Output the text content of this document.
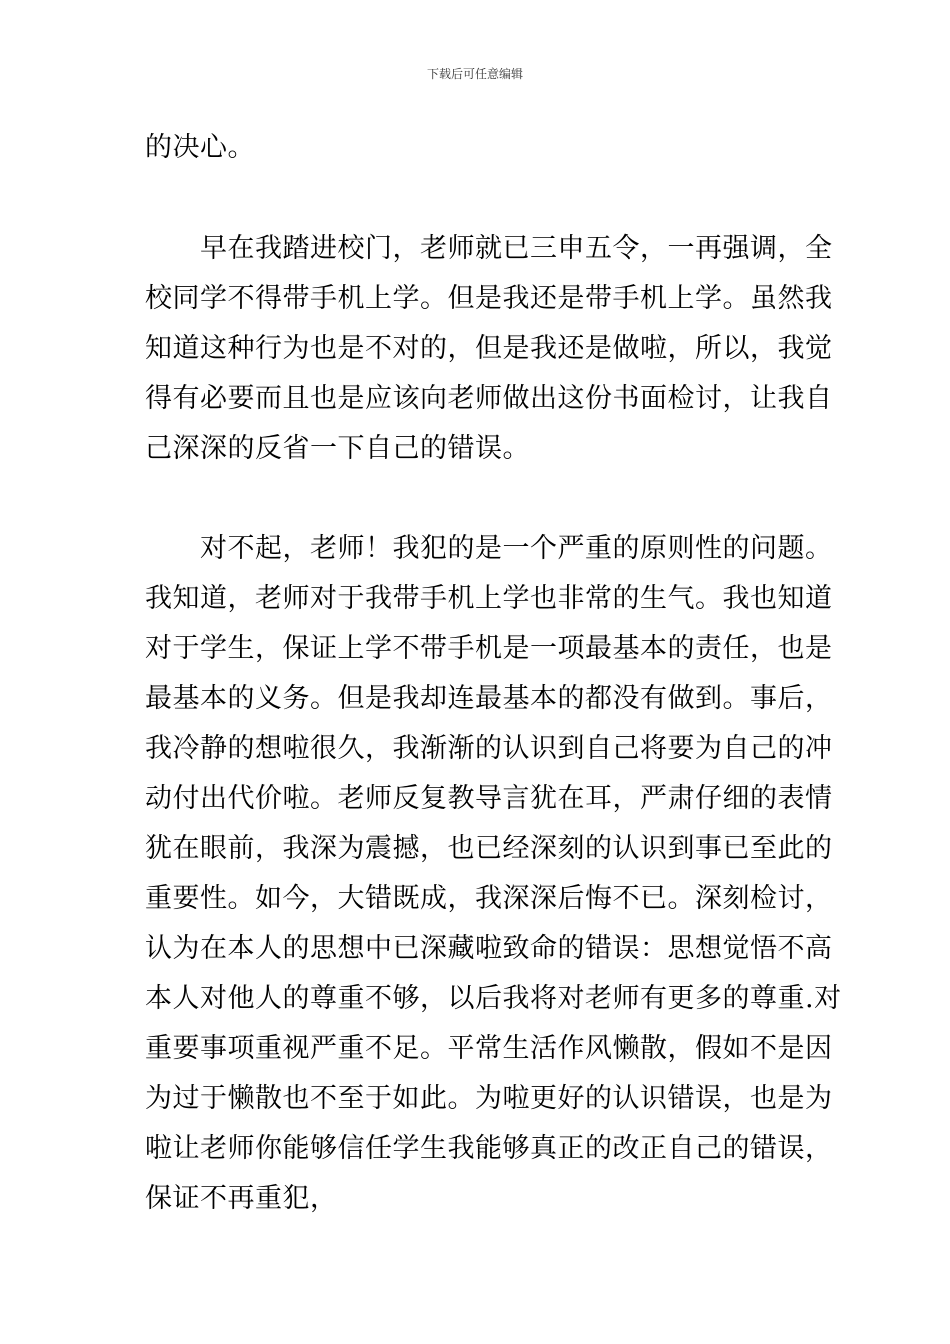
下载后可任意编辑
的决心。
　　早在我踏进校门，老师就已三申五令，一再强调，全
校同学不得带手机上学。但是我还是带手机上学。虽然我
知道这种行为也是不对的，但是我还是做啦，所以，我觉
得有必要而且也是应该向老师做出这份书面检讨，让我自
己深深的反省一下自己的错误。
　　对不起，老师！我犯的是一个严重的原则性的问题。
我知道，老师对于我带手机上学也非常的生气。我也知道
对于学生，保证上学不带手机是一项最基本的责任，也是
最基本的义务。但是我却连最基本的都没有做到。事后，
我冷静的想啦很久，我渐渐的认识到自己将要为自己的冲
动付出代价啦。老师反复教导言犹在耳，严肃仔细的表情
犹在眼前，我深为震撼，也已经深刻的认识到事已至此的
重要性。如今，大错既成，我深深后悔不已。深刻检讨，
认为在本人的思想中已深藏啦致命的错误：思想觉悟不高
本人对他人的尊重不够，以后我将对老师有更多的尊重.对
重要事项重视严重不足。平常生活作风懒散，假如不是因
为过于懒散也不至于如此。为啦更好的认识错误，也是为
啦让老师你能够信任学生我能够真正的改正自己的错误，
保证不再重犯，
